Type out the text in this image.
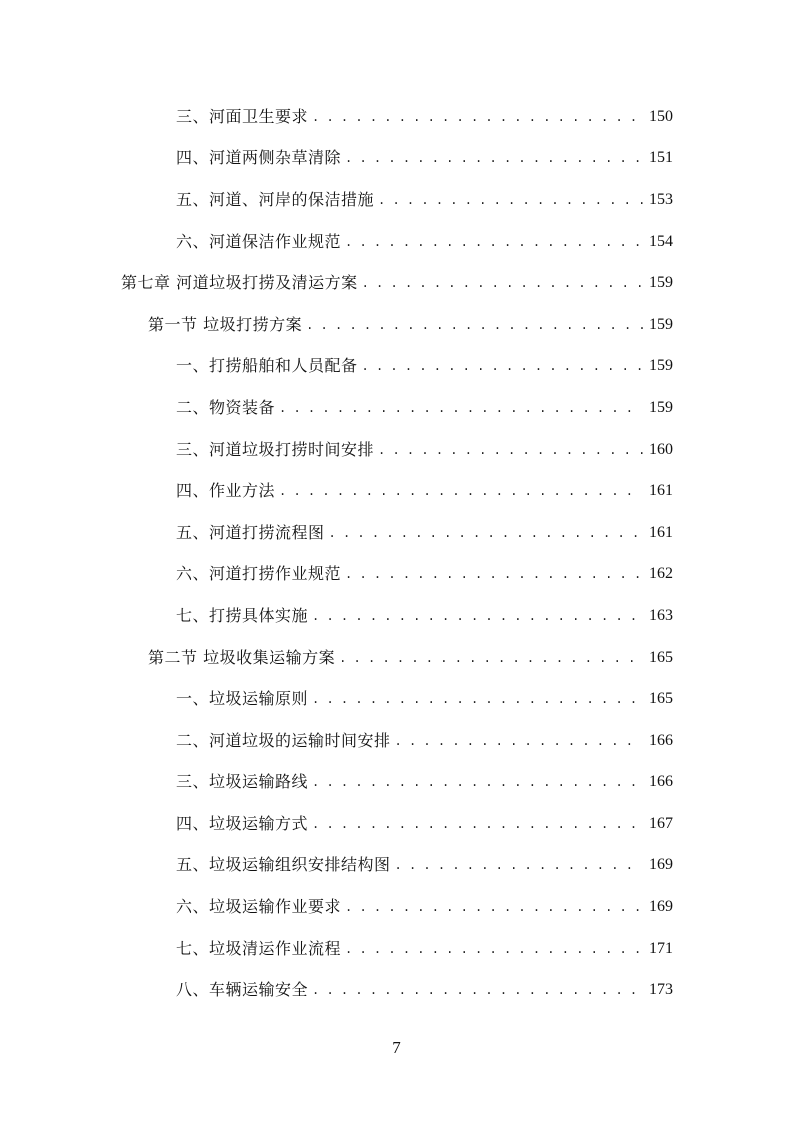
三、河面卫生要求 . . .	150
四、河道两侧杂草清除 . . .	151
五、河道、河岸的保洁措施 . . .	153
六、河道保洁作业规范 . . .	154
第七章 河道垃圾打捞及清运方案 . . .	159
第一节 垃圾打捞方案 . . .	159
一、打捞船舶和人员配备 . . .	159
二、物资装备 . . .	159
三、河道垃圾打捞时间安排 . . .	160
四、作业方法 . . .	161
五、河道打捞流程图 . . .	161
六、河道打捞作业规范 . . .	162
七、打捞具体实施 . . .	163
第二节 垃圾收集运输方案 . . .	165
一、垃圾运输原则 . . .	165
二、河道垃圾的运输时间安排 . . .	166
三、垃圾运输路线 . . .	166
四、垃圾运输方式 . . .	167
五、垃圾运输组织安排结构图 . . .	169
六、垃圾运输作业要求 . . .	169
七、垃圾清运作业流程 . . .	171
八、车辆运输安全 . . .	173
7
